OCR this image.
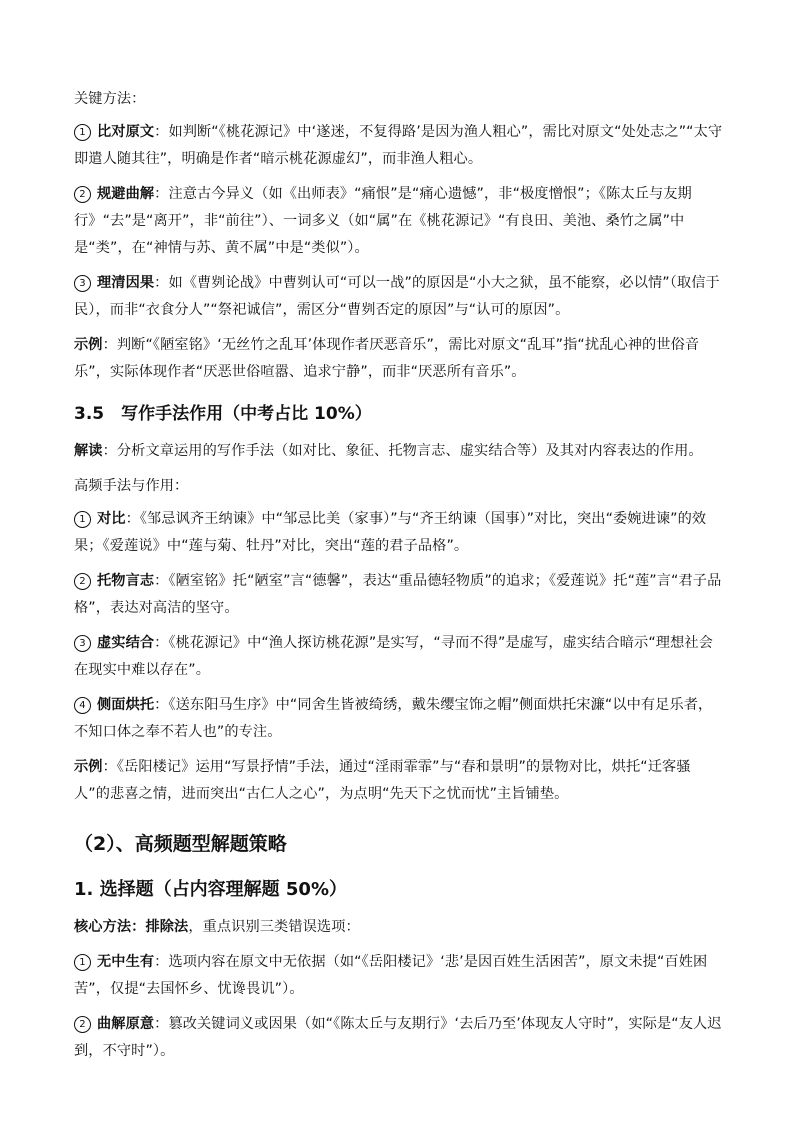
关键方法：

1 比对原文：如判断“《桃花源记》中‘遂迷，不复得路’是因为渔人粗心”，需比对原文“处处志之”“太守即遣人随其往”，明确是作者“暗示桃花源虚幻”，而非渔人粗心。

2 规避曲解：注意古今异义（如《出师表》“痛恨”是“痛心遗憾”，非“极度憎恨”；《陈太丘与友期行》“去”是“离开”，非“前往”）、一词多义（如“属”在《桃花源记》“有良田、美池、桑竹之属”中是“类”，在“神情与苏、黄不属”中是“类似”）。

3 理清因果：如《曹刿论战》中曹刿认可“可以一战”的原因是“小大之狱，虽不能察，必以情”（取信于民），而非“衣食分人”“祭祀诚信”，需区分“曹刿否定的原因”与“认可的原因”。

示例：判断“《陋室铭》‘无丝竹之乱耳’体现作者厌恶音乐”，需比对原文“乱耳”指“扰乱心神的世俗音乐”，实际体现作者“厌恶世俗喧嚣、追求宁静”，而非“厌恶所有音乐”。

3.5　写作手法作用（中考占比 10%）

解读：分析文章运用的写作手法（如对比、象征、托物言志、虚实结合等）及其对内容表达的作用。

高频手法与作用：

1 对比：《邹忌讽齐王纳谏》中“邹忌比美（家事）”与“齐王纳谏（国事）”对比，突出“委婉进谏”的效果；《爱莲说》中“莲与菊、牡丹”对比，突出“莲的君子品格”。

2 托物言志：《陋室铭》托“陋室”言“德馨”，表达“重品德轻物质”的追求；《爱莲说》托“莲”言“君子品格”，表达对高洁的坚守。

3 虚实结合：《桃花源记》中“渔人探访桃花源”是实写，“寻而不得”是虚写，虚实结合暗示“理想社会在现实中难以存在”。

4 侧面烘托：《送东阳马生序》中“同舍生皆被绮绣，戴朱缨宝饰之帽”侧面烘托宋濂“以中有足乐者，不知口体之奉不若人也”的专注。

示例：《岳阳楼记》运用“写景抒情”手法，通过“淫雨霏霏”与“春和景明”的景物对比，烘托“迁客骚人”的悲喜之情，进而突出“古仁人之心”，为点明“先天下之忧而忧”主旨铺垫。

（2）、高频题型解题策略
1. 选择题（占内容理解题 50%）

核心方法：排除法，重点识别三类错误选项：

1 无中生有：选项内容在原文中无依据（如“《岳阳楼记》‘悲’是因百姓生活困苦”，原文未提“百姓困苦”，仅提“去国怀乡、忧谗畏讥”）。

2 曲解原意：篡改关键词义或因果（如“《陈太丘与友期行》‘去后乃至’体现友人守时”，实际是“友人迟到，不守时”）。
